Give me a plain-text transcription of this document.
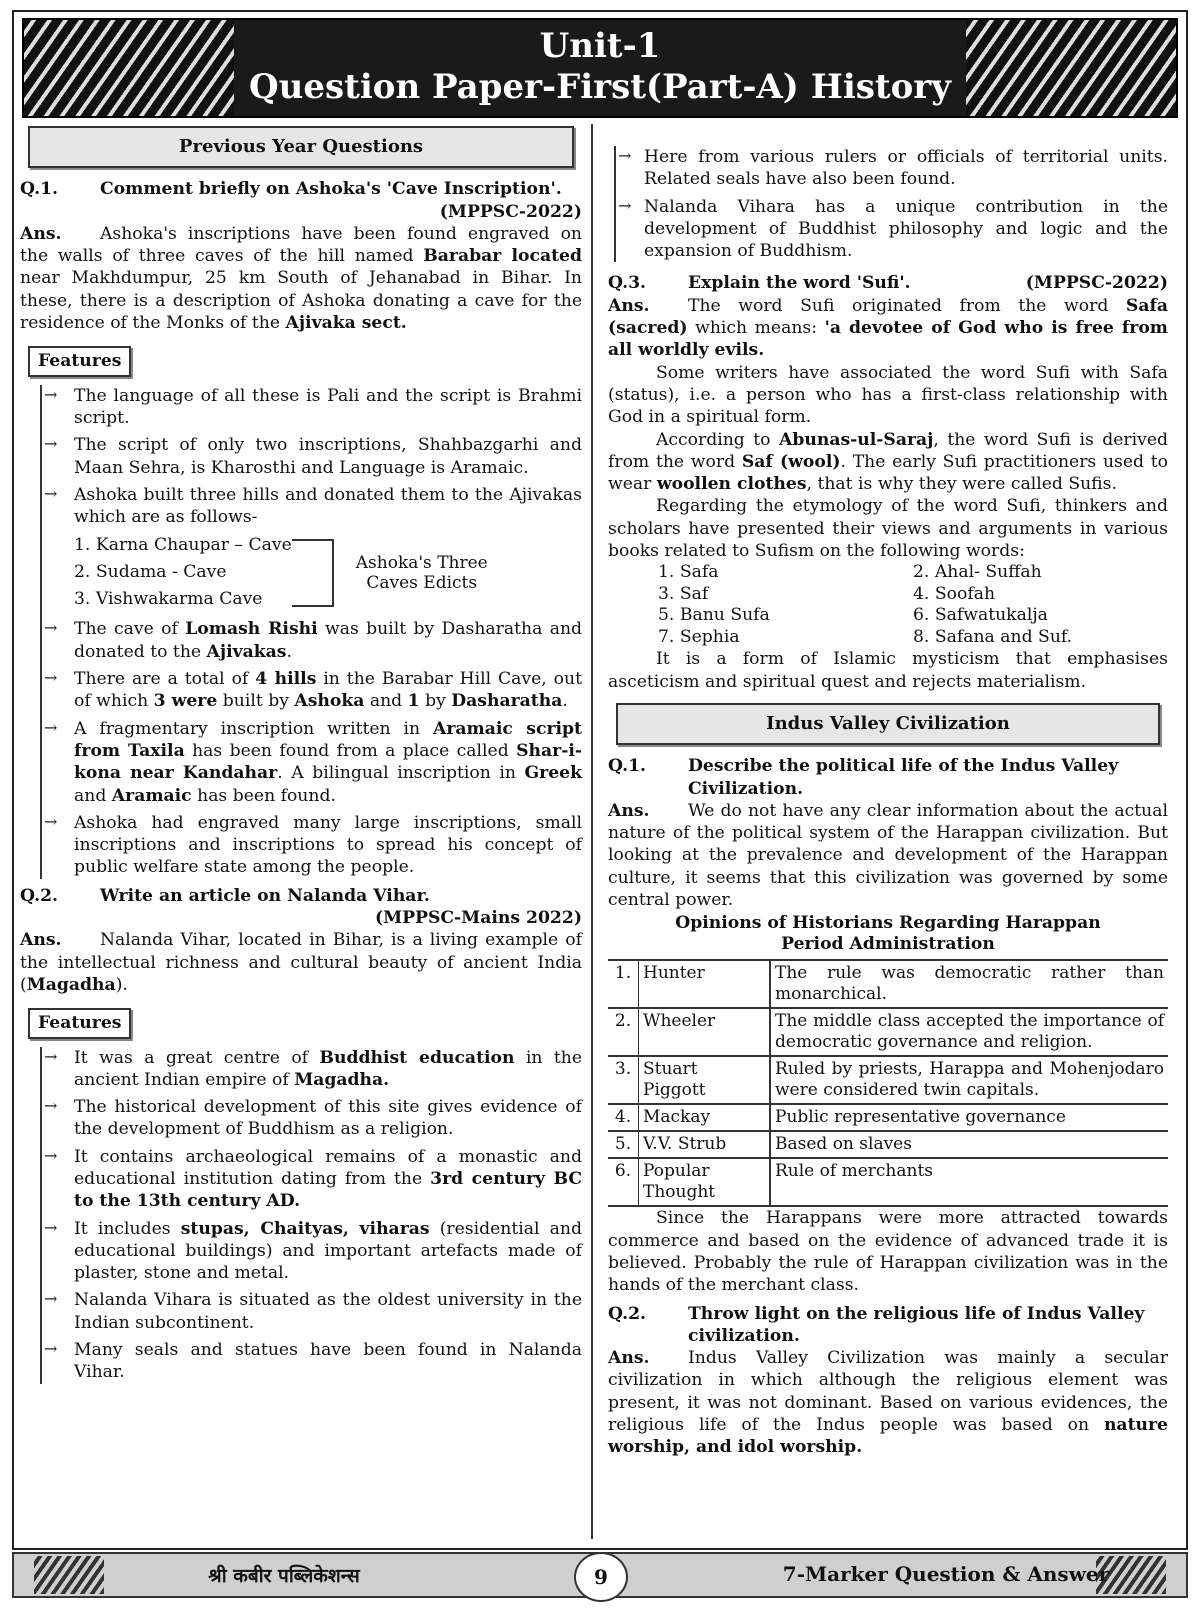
Unit-1
Question Paper-First(Part-A) History
Previous Year Questions
Q.1.	Comment briefly on Ashoka's 'Cave Inscription'.
(MPPSC-2022)

Ans. Ashoka's inscriptions have been found engraved on the walls of three caves of the hill named Barabar located near Makhdumpur, 25 km South of Jehanabad in Bihar. In these, there is a description of Ashoka donating a cave for the residence of the Monks of the Ajivaka sect.

Features
→ The language of all these is Pali and the script is Brahmi script.
→ The script of only two inscriptions, Shahbazgarhi and Maan Sehra, is Kharosthi and Language is Aramaic.
→ Ashoka built three hills and donated them to the Ajivakas which are as follows-
1. Karna Chaupar – Cave
2. Sudama - Cave
3. Vishwakarma Cave
Ashoka's Three Caves Edicts
→ The cave of Lomash Rishi was built by Dasharatha and donated to the Ajivakas.
→ There are a total of 4 hills in the Barabar Hill Cave, out of which 3 were built by Ashoka and 1 by Dasharatha.
→ A fragmentary inscription written in Aramaic script from Taxila has been found from a place called Shar-i-kona near Kandahar. A bilingual inscription in Greek and Aramaic has been found.
→ Ashoka had engraved many large inscriptions, small inscriptions and inscriptions to spread his concept of public welfare state among the people.
Q.2.	Write an article on Nalanda Vihar.
(MPPSC-Mains 2022)

Ans. Nalanda Vihar, located in Bihar, is a living example of the intellectual richness and cultural beauty of ancient India (Magadha).

Features
→ It was a great centre of Buddhist education in the ancient Indian empire of Magadha.
→ The historical development of this site gives evidence of the development of Buddhism as a religion.
→ It contains archaeological remains of a monastic and educational institution dating from the 3rd century BC to the 13th century AD.
→ It includes stupas, Chaityas, viharas (residential and educational buildings) and important artefacts made of plaster, stone and metal.
→ Nalanda Vihara is situated as the oldest university in the Indian subcontinent.
→ Many seals and statues have been found in Nalanda Vihar.
→ Here from various rulers or officials of territorial units. Related seals have also been found.
→ Nalanda Vihara has a unique contribution in the development of Buddhist philosophy and logic and the expansion of Buddhism.
Q.3.	Explain the word 'Sufi'.	(MPPSC-2022)

Ans. The word Sufi originated from the word Safa (sacred) which means: 'a devotee of God who is free from all worldly evils.

Some writers have associated the word Sufi with Safa (status), i.e. a person who has a first-class relationship with God in a spiritual form.

According to Abunas-ul-Saraj, the word Sufi is derived from the word Saf (wool). The early Sufi practitioners used to wear woollen clothes, that is why they were called Sufis.

Regarding the etymology of the word Sufi, thinkers and scholars have presented their views and arguments in various books related to Sufism on the following words:

1. Safa	2. Ahal- Suffah
3. Saf	4. Soofah
5. Banu Sufa	6. Safwatukalja
7. Sephia	8. Safana and Suf.

It is a form of Islamic mysticism that emphasises asceticism and spiritual quest and rejects materialism.

Indus Valley Civilization
Q.1.	Describe the political life of the Indus Valley Civilization.

Ans. We do not have any clear information about the actual nature of the political system of the Harappan civilization. But looking at the prevalence and development of the Harappan culture, it seems that this civilization was governed by some central power.

Opinions of Historians Regarding Harappan
Period Administration
1.	Hunter	The rule was democratic rather than monarchical.
2.	Wheeler	The middle class accepted the importance of democratic governance and religion.
3.	Stuart Piggott	Ruled by priests, Harappa and Mohenjodaro were considered twin capitals.
4.	Mackay	Public representative governance
5.	V.V. Strub	Based on slaves
6.	Popular Thought	Rule of merchants

Since the Harappans were more attracted towards commerce and based on the evidence of advanced trade it is believed. Probably the rule of Harappan civilization was in the hands of the merchant class.

Q.2.	Throw light on the religious life of Indus Valley civilization.

Ans. Indus Valley Civilization was mainly a secular civilization in which although the religious element was present, it was not dominant. Based on various evidences, the religious life of the Indus people was based on nature worship, and idol worship.

श्री कबीर पब्लिकेशन्स	9	7-Marker Question & Answer
